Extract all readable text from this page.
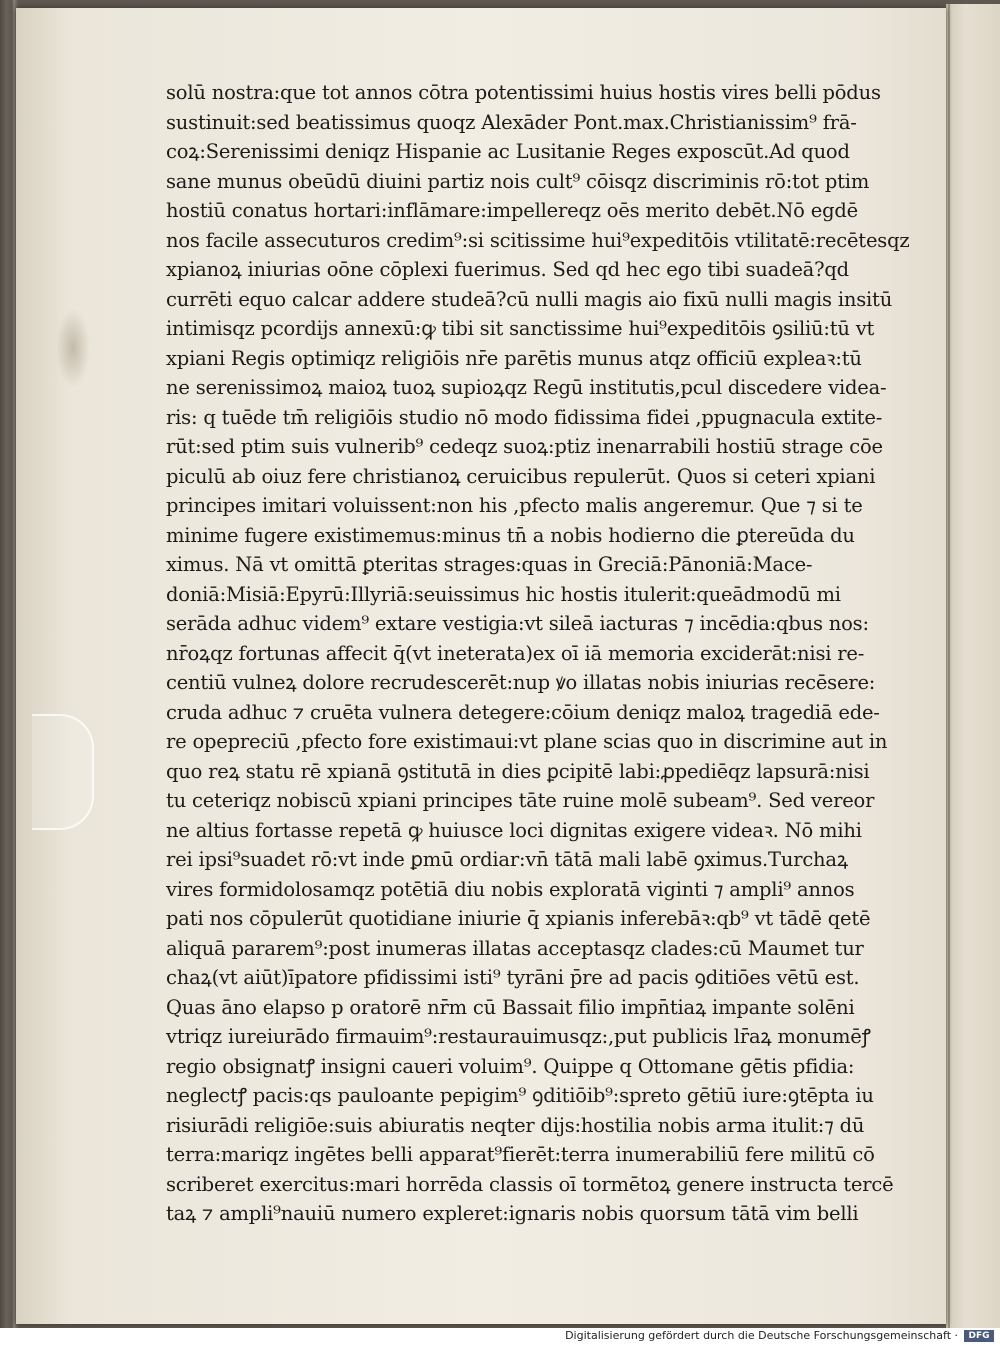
solū nostra:que tot annos cōtra potentissimi huius hostis vires belli pōdus
sustinuit:sed beatissimus quoqz Alexāder Pont.max.Christianissim⁹ frā-
coꝝ:Serenissimi deniqz Hispanie ac Lusitanie Reges exposcūt.Ad quod
sane munus obeūdū diuini partiz nois cult⁹ cōisqz discriminis rō:tot ptim
hostiū conatus hortari:inflāmare:impellereqz oēs merito debēt.Nō egdē
nos facile assecuturos credim⁹:si scitissime hui⁹expeditōis vtilitatē:recētesqz
xpianoꝝ iniurias oōne cōplexi fuerimus. Sed qd hec ego tibi suadeā?qd
currēti equo calcar addere studeā?cū nulli magis aio fixū nulli magis insitū
intimisqz pcordijs annexū:ꝙ tibi sit sanctissime hui⁹expeditōis ꝯsiliū:tū vt
xpiani Regis optimiqz religiōis nr̄e parētis munus atqz officiū expleaꝛ:tū
ne serenissimoꝝ maioꝝ tuoꝝ supioꝝqz Regū institutis,pcul discedere videa-
ris: q tuēde tm̄ religiōis studio nō modo fidissima fidei ,ppugnacula extite-
rūt:sed ptim suis vulnerib⁹ cedeqz suoꝝ:ptiz inenarrabili hostiū strage cōe
piculū ab oiuz fere christianoꝝ ceruicibus repulerūt. Quos si ceteri xpiani
principes imitari voluissent:non his ,pfecto malis angeremur. Que ⁊ si te
minime fugere existimemus:minus tn̄ a nobis hodierno die ꝑtereūda du
ximus. Nā vt omittā ꝑteritas strages:quas in Greciā:Pānoniā:Mace-
doniā:Misiā:Epyrū:Illyriā:seuissimus hic hostis itulerit:queādmodū mi
serāda adhuc videm⁹ extare vestigia:vt sileā iacturas ⁊ incēdia:qbus nos:
nr̄oꝝqz fortunas affecit q̄(vt ineterata)ex oī iā memoria exciderāt:nisi re-
centiū vulneꝝ dolore recrudescerēt:nup ꝟo illatas nobis iniurias recēsere:
cruda adhuc ⁊ cruēta vulnera detegere:cōium deniqz maloꝝ tragediā ede-
re opepreciū ,pfecto fore existimaui:vt plane scias quo in discrimine aut in
quo reꝝ statu rē xpianā ꝯstitutā in dies ꝑcipitē labi:ꝓpediēqz lapsurā:nisi
tu ceteriqz nobiscū xpiani principes tāte ruine molē subeam⁹. Sed vereor
ne altius fortasse repetā ꝙ huiusce loci dignitas exigere videaꝛ. Nō mihi
rei ipsi⁹suadet rō:vt inde ꝑmū ordiar:vn̄ tātā mali labē ꝯximus.Turchaꝝ
vires formidolosamqz potētiā diu nobis exploratā viginti ⁊ ampli⁹ annos
pati nos cōpulerūt quotidiane iniurie q̄ xpianis inferebāꝛ:qb⁹ vt tādē qetē
aliquā pararem⁹:post inumeras illatas acceptasqz clades:cū Maumet tur
chaꝝ(vt aiūt)īpatore pfidissimi isti⁹ tyrāni p̄re ad pacis ꝯditiōes vētū est.
Quas āno elapso p oratorē nr̄m cū Bassait filio impn̄tiaꝝ impante solēni
vtriqz iureiurādo firmauim⁹:restaurauimusqz:,put publicis lr̄aꝝ monumēꝭ
regio obsignatꝭ insigni caueri voluim⁹. Quippe q Ottomane gētis pfidia:
neglectꝭ pacis:qs pauloante pepigim⁹ ꝯditiōib⁹:spreto gētiū iure:ꝯtēpta iu
risiurādi religiōe:suis abiuratis neqter dijs:hostilia nobis arma itulit:⁊ dū
terra:mariqz ingētes belli apparat⁹fierēt:terra inumerabiliū fere militū cō
scriberet exercitus:mari horrēda classis oī tormētoꝝ genere instructa tercē
taꝝ ⁊ ampli⁹nauiū numero expleret:ignaris nobis quorsum tātā vim belli
Digitalisierung gefördert durch die Deutsche Forschungsgemeinschaft ·	DFG
